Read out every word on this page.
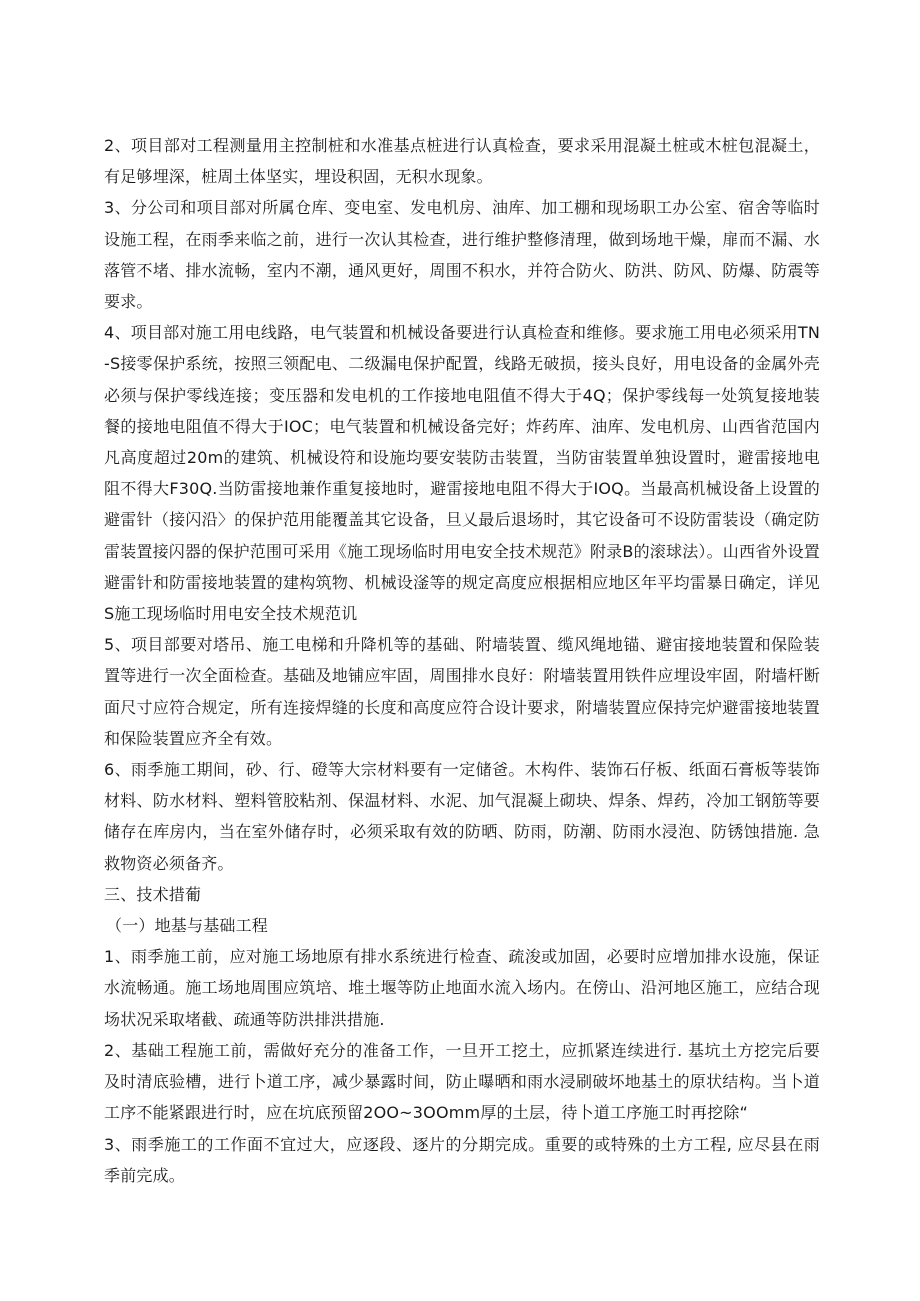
2、项目部对工程测量用主控制桩和水准基点桩进行认真检查，要求采用混凝土桩或木桩包混凝土，有足够埋深，桩周土体坚实，埋设积固，无积水现象。

3、分公司和项目部对所属仓库、变电室、发电机房、油库、加工棚和现场职工办公室、宿舍等临时设施工程，在雨季来临之前，进行一次认其检查，进行维护整修清理，做到场地干燥，扉而不漏、水落管不堵、排水流畅，室内不潮，通风更好，周围不积水，并符合防火、防洪、防风、防爆、防震等要求。

4、项目部对施工用电线路，电气装置和机械设备要进行认真检查和维修。要求施工用电必须采用TN-S接零保护系统，按照三领配电、二级漏电保护配置，线路无破损，接头良好，用电设备的金属外壳必须与保护零线连接；变压器和发电机的工作接地电阻值不得大于4Q；保护零线每一处筑复接地装餐的接地电阻值不得大于IOC；电气装置和机械设备完好；炸药库、油库、发电机房、山西省范国内凡高度超过20m的建筑、机械设符和设施均要安装防击装置，当防宙装置单独设置时，避雷接地电阻不得大F30Q.当防雷接地兼作重复接地时，避雷接地电阻不得大于IOQ。当最高机械设备上设置的避雷针（接闪沿〉的保护范用能覆盖其它设备，旦乂最后退场时，其它设备可不设防雷装设（确定防雷装置接闪器的保护范围可采用《施工现场临时用电安全技术规范》附录B的滚球法）。山西省外设置避雷针和防雷接地装置的建构筑物、机械设滏等的规定高度应根据相应地区年平均雷暴日确定，详见S施工现场临时用电安全技术规范讥

5、项目部要对塔吊、施工电梯和升降机等的基础、附墙装置、缆风绳地锚、避宙接地装置和保险装置等进行一次全面检查。基础及地铺应牢固，周围排水良好：附墙装置用铁件应埋设牢固，附墙杆断面尺寸应符合规定，所有连接焊缝的长度和高度应符合设计要求，附墙装置应保持完炉避雷接地装置和保险装置应齐全有效。

6、雨季施工期间，砂、行、磴等大宗材料要有一定储爸。木构件、装饰石仔板、纸面石膏板等装饰材料、防水材料、塑料管胶粘剂、保温材料、水泥、加气混凝上砌块、焊条、焊药，冷加工钢筋等要储存在库房内，当在室外储存时，必须采取有效的防晒、防雨，防潮、防雨水浸泡、防锈蚀措施. 急救物资必须备齐。

三、技术措葡

（一）地基与基础工程

1、雨季施工前，应对施工场地原有排水系统进行检查、疏浚或加固，必要时应增加排水设施，保证水流畅通。施工场地周围应筑培、堆土堰等防止地面水流入场内。在傍山、沿河地区施工，应结合现场状况采取堵截、疏通等防洪排洪措施.

2、基础工程施工前，需做好充分的准备工作，一旦开工挖土，应抓紧连续进行. 基坑土方挖完后要及时清底验槽，进行卜道工序，减少暴露时间，防止曝晒和雨水浸刷破坏地基土的原状结构。当卜道工序不能紧跟进行时，应在坑底预留2OO~3OOmm厚的土层，待卜道工序施工时再挖除“

3、雨季施工的工作面不宜过大，应逐段、逐片的分期完成。重要的或特殊的土方工程, 应尽县在雨季前完成。
